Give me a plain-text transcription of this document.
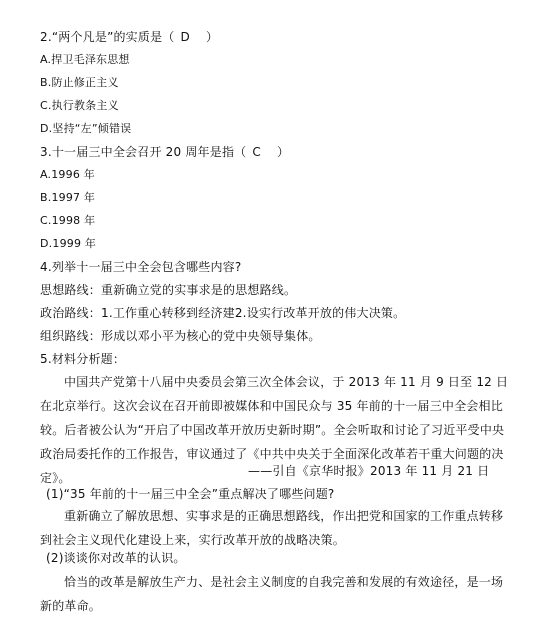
2.“两个凡是”的实质是（ D ）
A.捍卫毛泽东思想
B.防止修正主义
C.执行教条主义
D.坚持“左”倾错误
3.十一届三中全会召开 20 周年是指（ C ）
A.1996 年
B.1997 年
C.1998 年
D.1999 年
4.列举十一届三中全会包含哪些内容?
思想路线：重新确立党的实事求是的思想路线。
政治路线：1.工作重心转移到经济建2.设实行改革开放的伟大决策。
组织路线：形成以邓小平为核心的党中央领导集体。
5.材料分析题：
中国共产党第十八届中央委员会第三次全体会议，于 2013 年 11 月 9 日至 12 日在北京举行。这次会议在召开前即被媒体和中国民众与 35 年前的十一届三中全会相比较。后者被公认为“开启了中国改革开放历史新时期”。全会听取和讨论了习近平受中央政治局委托作的工作报告，审议通过了《中共中央关于全面深化改革若干重大问题的决定》。	——引自《京华时报》2013 年 11 月 21 日
(1)“35 年前的十一届三中全会”重点解决了哪些问题?
重新确立了解放思想、实事求是的正确思想路线，作出把党和国家的工作重点转移到社会主义现代化建设上来，实行改革开放的战略决策。
(2)谈谈你对改革的认识。
恰当的改革是解放生产力、是社会主义制度的自我完善和发展的有效途径，是一场新的革命。
